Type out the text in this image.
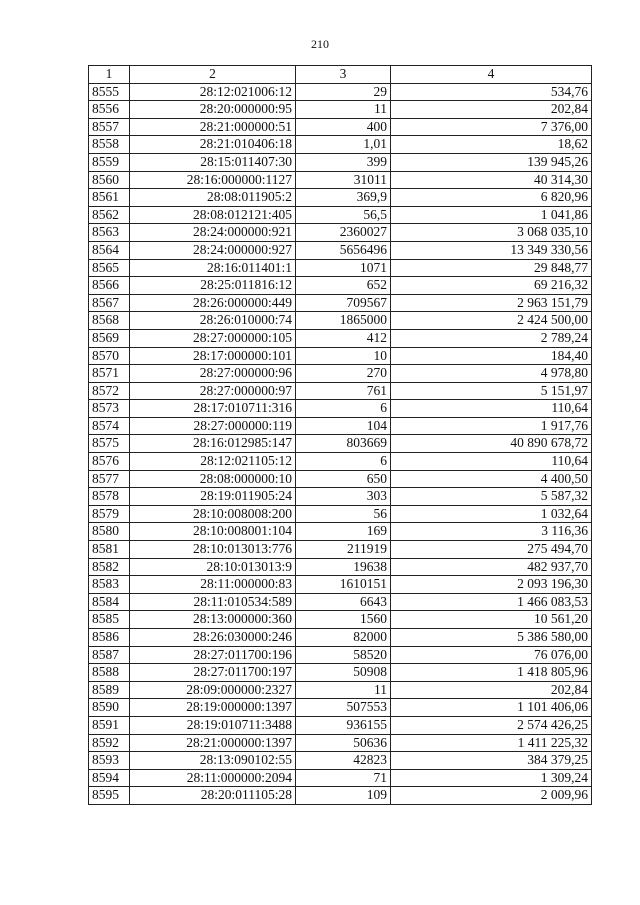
210
1	2	3	4
8555	28:12:021006:12	29	534,76
8556	28:20:000000:95	11	202,84
8557	28:21:000000:51	400	7 376,00
8558	28:21:010406:18	1,01	18,62
8559	28:15:011407:30	399	139 945,26
8560	28:16:000000:1127	31011	40 314,30
8561	28:08:011905:2	369,9	6 820,96
8562	28:08:012121:405	56,5	1 041,86
8563	28:24:000000:921	2360027	3 068 035,10
8564	28:24:000000:927	5656496	13 349 330,56
8565	28:16:011401:1	1071	29 848,77
8566	28:25:011816:12	652	69 216,32
8567	28:26:000000:449	709567	2 963 151,79
8568	28:26:010000:74	1865000	2 424 500,00
8569	28:27:000000:105	412	2 789,24
8570	28:17:000000:101	10	184,40
8571	28:27:000000:96	270	4 978,80
8572	28:27:000000:97	761	5 151,97
8573	28:17:010711:316	6	110,64
8574	28:27:000000:119	104	1 917,76
8575	28:16:012985:147	803669	40 890 678,72
8576	28:12:021105:12	6	110,64
8577	28:08:000000:10	650	4 400,50
8578	28:19:011905:24	303	5 587,32
8579	28:10:008008:200	56	1 032,64
8580	28:10:008001:104	169	3 116,36
8581	28:10:013013:776	211919	275 494,70
8582	28:10:013013:9	19638	482 937,70
8583	28:11:000000:83	1610151	2 093 196,30
8584	28:11:010534:589	6643	1 466 083,53
8585	28:13:000000:360	1560	10 561,20
8586	28:26:030000:246	82000	5 386 580,00
8587	28:27:011700:196	58520	76 076,00
8588	28:27:011700:197	50908	1 418 805,96
8589	28:09:000000:2327	11	202,84
8590	28:19:000000:1397	507553	1 101 406,06
8591	28:19:010711:3488	936155	2 574 426,25
8592	28:21:000000:1397	50636	1 411 225,32
8593	28:13:090102:55	42823	384 379,25
8594	28:11:000000:2094	71	1 309,24
8595	28:20:011105:28	109	2 009,96
